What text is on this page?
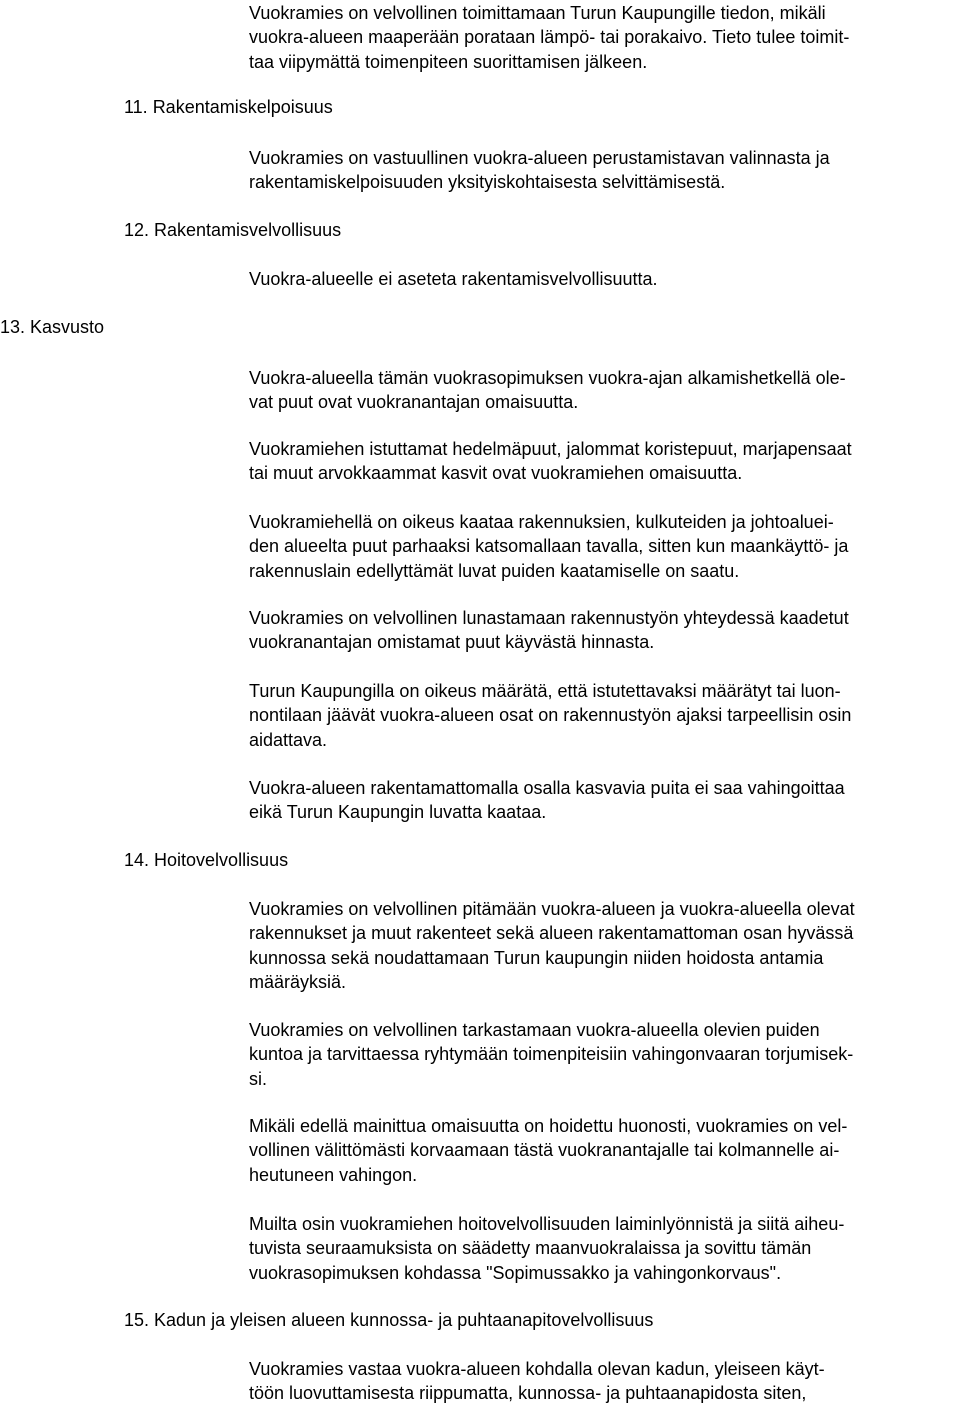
Vuokramies on velvollinen toimittamaan Turun Kaupungille tiedon, mikäli
vuokra-alueen maaperään porataan lämpö- tai porakaivo. Tieto tulee toimit-
taa viipymättä toimenpiteen suorittamisen jälkeen.
11. Rakentamiskelpoisuus
Vuokramies on vastuullinen vuokra-alueen perustamistavan valinnasta ja
rakentamiskelpoisuuden yksityiskohtaisesta selvittämisestä.
12. Rakentamisvelvollisuus
Vuokra-alueelle ei aseteta rakentamisvelvollisuutta.
13. Kasvusto
Vuokra-alueella tämän vuokrasopimuksen vuokra-ajan alkamishetkellä ole-
vat puut ovat vuokranantajan omaisuutta.
Vuokramiehen istuttamat hedelmäpuut, jalommat koristepuut, marjapensaat
tai muut arvokkaammat kasvit ovat vuokramiehen omaisuutta.
Vuokramiehellä on oikeus kaataa rakennuksien, kulkuteiden ja johtoaluei-
den alueelta puut parhaaksi katsomallaan tavalla, sitten kun maankäyttö- ja
rakennuslain edellyttämät luvat puiden kaatamiselle on saatu.
Vuokramies on velvollinen lunastamaan rakennustyön yhteydessä kaadetut
vuokranantajan omistamat puut käyvästä hinnasta.
Turun Kaupungilla on oikeus määrätä, että istutettavaksi määrätyt tai luon-
nontilaan jäävät vuokra-alueen osat on rakennustyön ajaksi tarpeellisin osin
aidattava.
Vuokra-alueen rakentamattomalla osalla kasvavia puita ei saa vahingoittaa
eikä Turun Kaupungin luvatta kaataa.
14. Hoitovelvollisuus
Vuokramies on velvollinen pitämään vuokra-alueen ja vuokra-alueella olevat
rakennukset ja muut rakenteet sekä alueen rakentamattoman osan hyvässä
kunnossa sekä noudattamaan Turun kaupungin niiden hoidosta antamia
määräyksiä.
Vuokramies on velvollinen tarkastamaan vuokra-alueella olevien puiden
kuntoa ja tarvittaessa ryhtymään toimenpiteisiin vahingonvaaran torjumisek-
si.
Mikäli edellä mainittua omaisuutta on hoidettu huonosti, vuokramies on vel-
vollinen välittömästi korvaamaan tästä vuokranantajalle tai kolmannelle ai-
heutuneen vahingon.
Muilta osin vuokramiehen hoitovelvollisuuden laiminlyönnistä ja siitä aiheu-
tuvista seuraamuksista on säädetty maanvuokralaissa ja sovittu tämän
vuokrasopimuksen kohdassa "Sopimussakko ja vahingonkorvaus".
15. Kadun ja yleisen alueen kunnossa- ja puhtaanapitovelvollisuus
Vuokramies vastaa vuokra-alueen kohdalla olevan kadun, yleiseen käyt-
töön luovuttamisesta riippumatta, kunnossa- ja puhtaanapidosta siten,
